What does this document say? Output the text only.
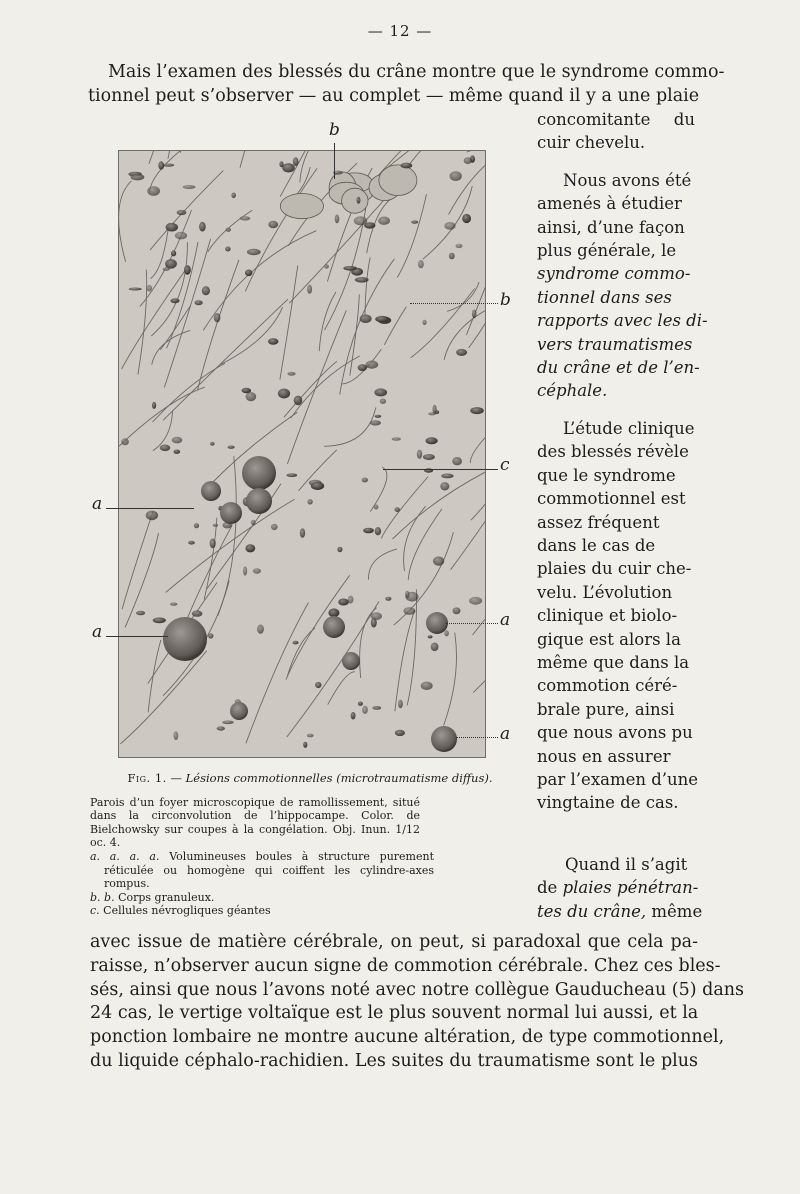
— 12 —
Mais l’examen des blessés du crâne montre que le syndrome commo-
tionnel peut s’observer — au complet — même quand il y a une plaie
concomitante du
cuir chevelu.
Nous avons été
amenés à étudier
ainsi, d’une façon
plus générale, le
syndrome commo-
tionnel dans ses
rapports avec les di-
vers traumatismes
du crâne et de l’en-
céphale.
L’étude clinique
des blessés révèle
que le syndrome
commotionnel est
assez fréquent
dans le cas de
plaies du cuir che-
velu. L’évolution
clinique et biolo-
gique est alors la
même que dans la
commotion céré-
brale pure, ainsi
que nous avons pu
nous en assurer
par l’examen d’une
vingtaine de cas.
b
b
c
a
a
a
a
Fig. 1. — Lésions commotionnelles (microtraumatisme diffus).

Parois d’un foyer microscopique de ramollissement, situé dans la circonvolution de l’hippocampe. Color. de Bielchowsky sur coupes à la congélation. Obj. Inun. 1/12 oc. 4.

a. a. a. a. Volumineuses boules à structure purement réticulée ou homogène qui coiffent les cylindre-axes rompus.
b. b. Corps granuleux.
c. Cellules névrogliques géantes
Quand il s’agit
de plaies pénétran-
tes du crâne, même
avec issue de matière cérébrale, on peut, si paradoxal que cela pa-
raisse, n’observer aucun signe de commotion cérébrale. Chez ces bles-
sés, ainsi que nous l’avons noté avec notre collègue Gauducheau (5) dans
24 cas, le vertige voltaïque est le plus souvent normal lui aussi, et la
ponction lombaire ne montre aucune altération, de type commotionnel,
du liquide céphalo-rachidien. Les suites du traumatisme sont le plus
